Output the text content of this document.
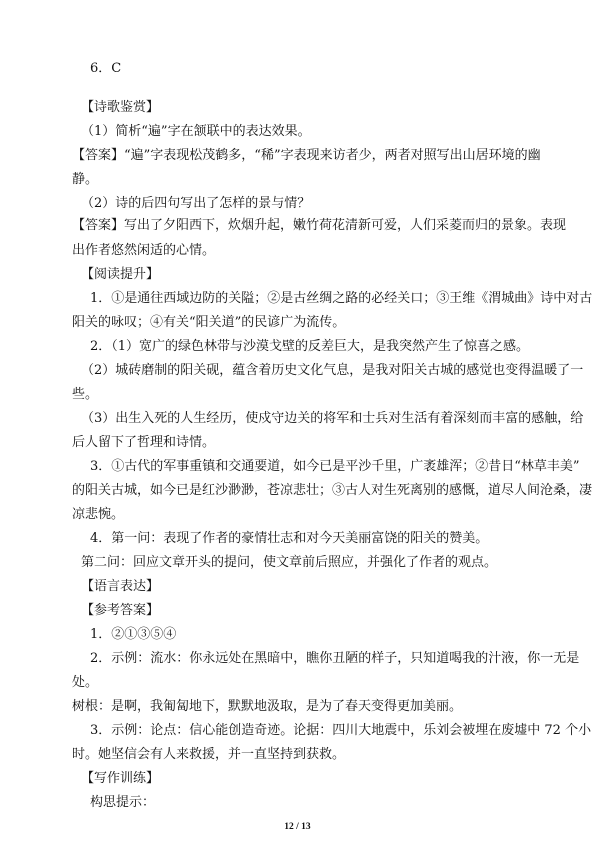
6．C
【诗歌鉴赏】
（1）简析“遍”字在颔联中的表达效果。
【答案】“遍”字表现松茂鹤多，“稀”字表现来访者少，两者对照写出山居环境的幽
静。
（2）诗的后四句写出了怎样的景与情？
【答案】写出了夕阳西下，炊烟升起，嫩竹荷花清新可爱，人们采菱而归的景象。表现
出作者悠然闲适的心情。
【阅读提升】
1．①是通往西域边防的关隘；②是古丝绸之路的必经关口；③王维《渭城曲》诗中对古
阳关的咏叹；④有关“阳关道”的民谚广为流传。
2．（1）宽广的绿色林带与沙漠戈壁的反差巨大，是我突然产生了惊喜之感。
（2）城砖磨制的阳关砚，蕴含着历史文化气息，是我对阳关古城的感觉也变得温暖了一
些。
（3）出生入死的人生经历，使戍守边关的将军和士兵对生活有着深刻而丰富的感触，给
后人留下了哲理和诗情。
3．①古代的军事重镇和交通要道，如今已是平沙千里，广袤雄浑；②昔日“林草丰美”
的阳关古城，如今已是红沙渺渺，苍凉悲壮；③古人对生死离别的感慨，道尽人间沧桑，凄
凉悲惋。
4．第一问：表现了作者的豪情壮志和对今天美丽富饶的阳关的赞美。
第二问：回应文章开头的提问，使文章前后照应，并强化了作者的观点。
【语言表达】
【参考答案】
1．②①③⑤④
2．示例：流水：你永远处在黑暗中，瞧你丑陋的样子，只知道喝我的汁液，你一无是
处。
树根：是啊，我匍匐地下，默默地汲取，是为了春天变得更加美丽。
3．示例：论点：信心能创造奇迹。论据：四川大地震中，乐刘会被埋在废墟中 72 个小
时。她坚信会有人来救援，并一直坚持到获救。
【写作训练】
构思提示：
12 / 13
